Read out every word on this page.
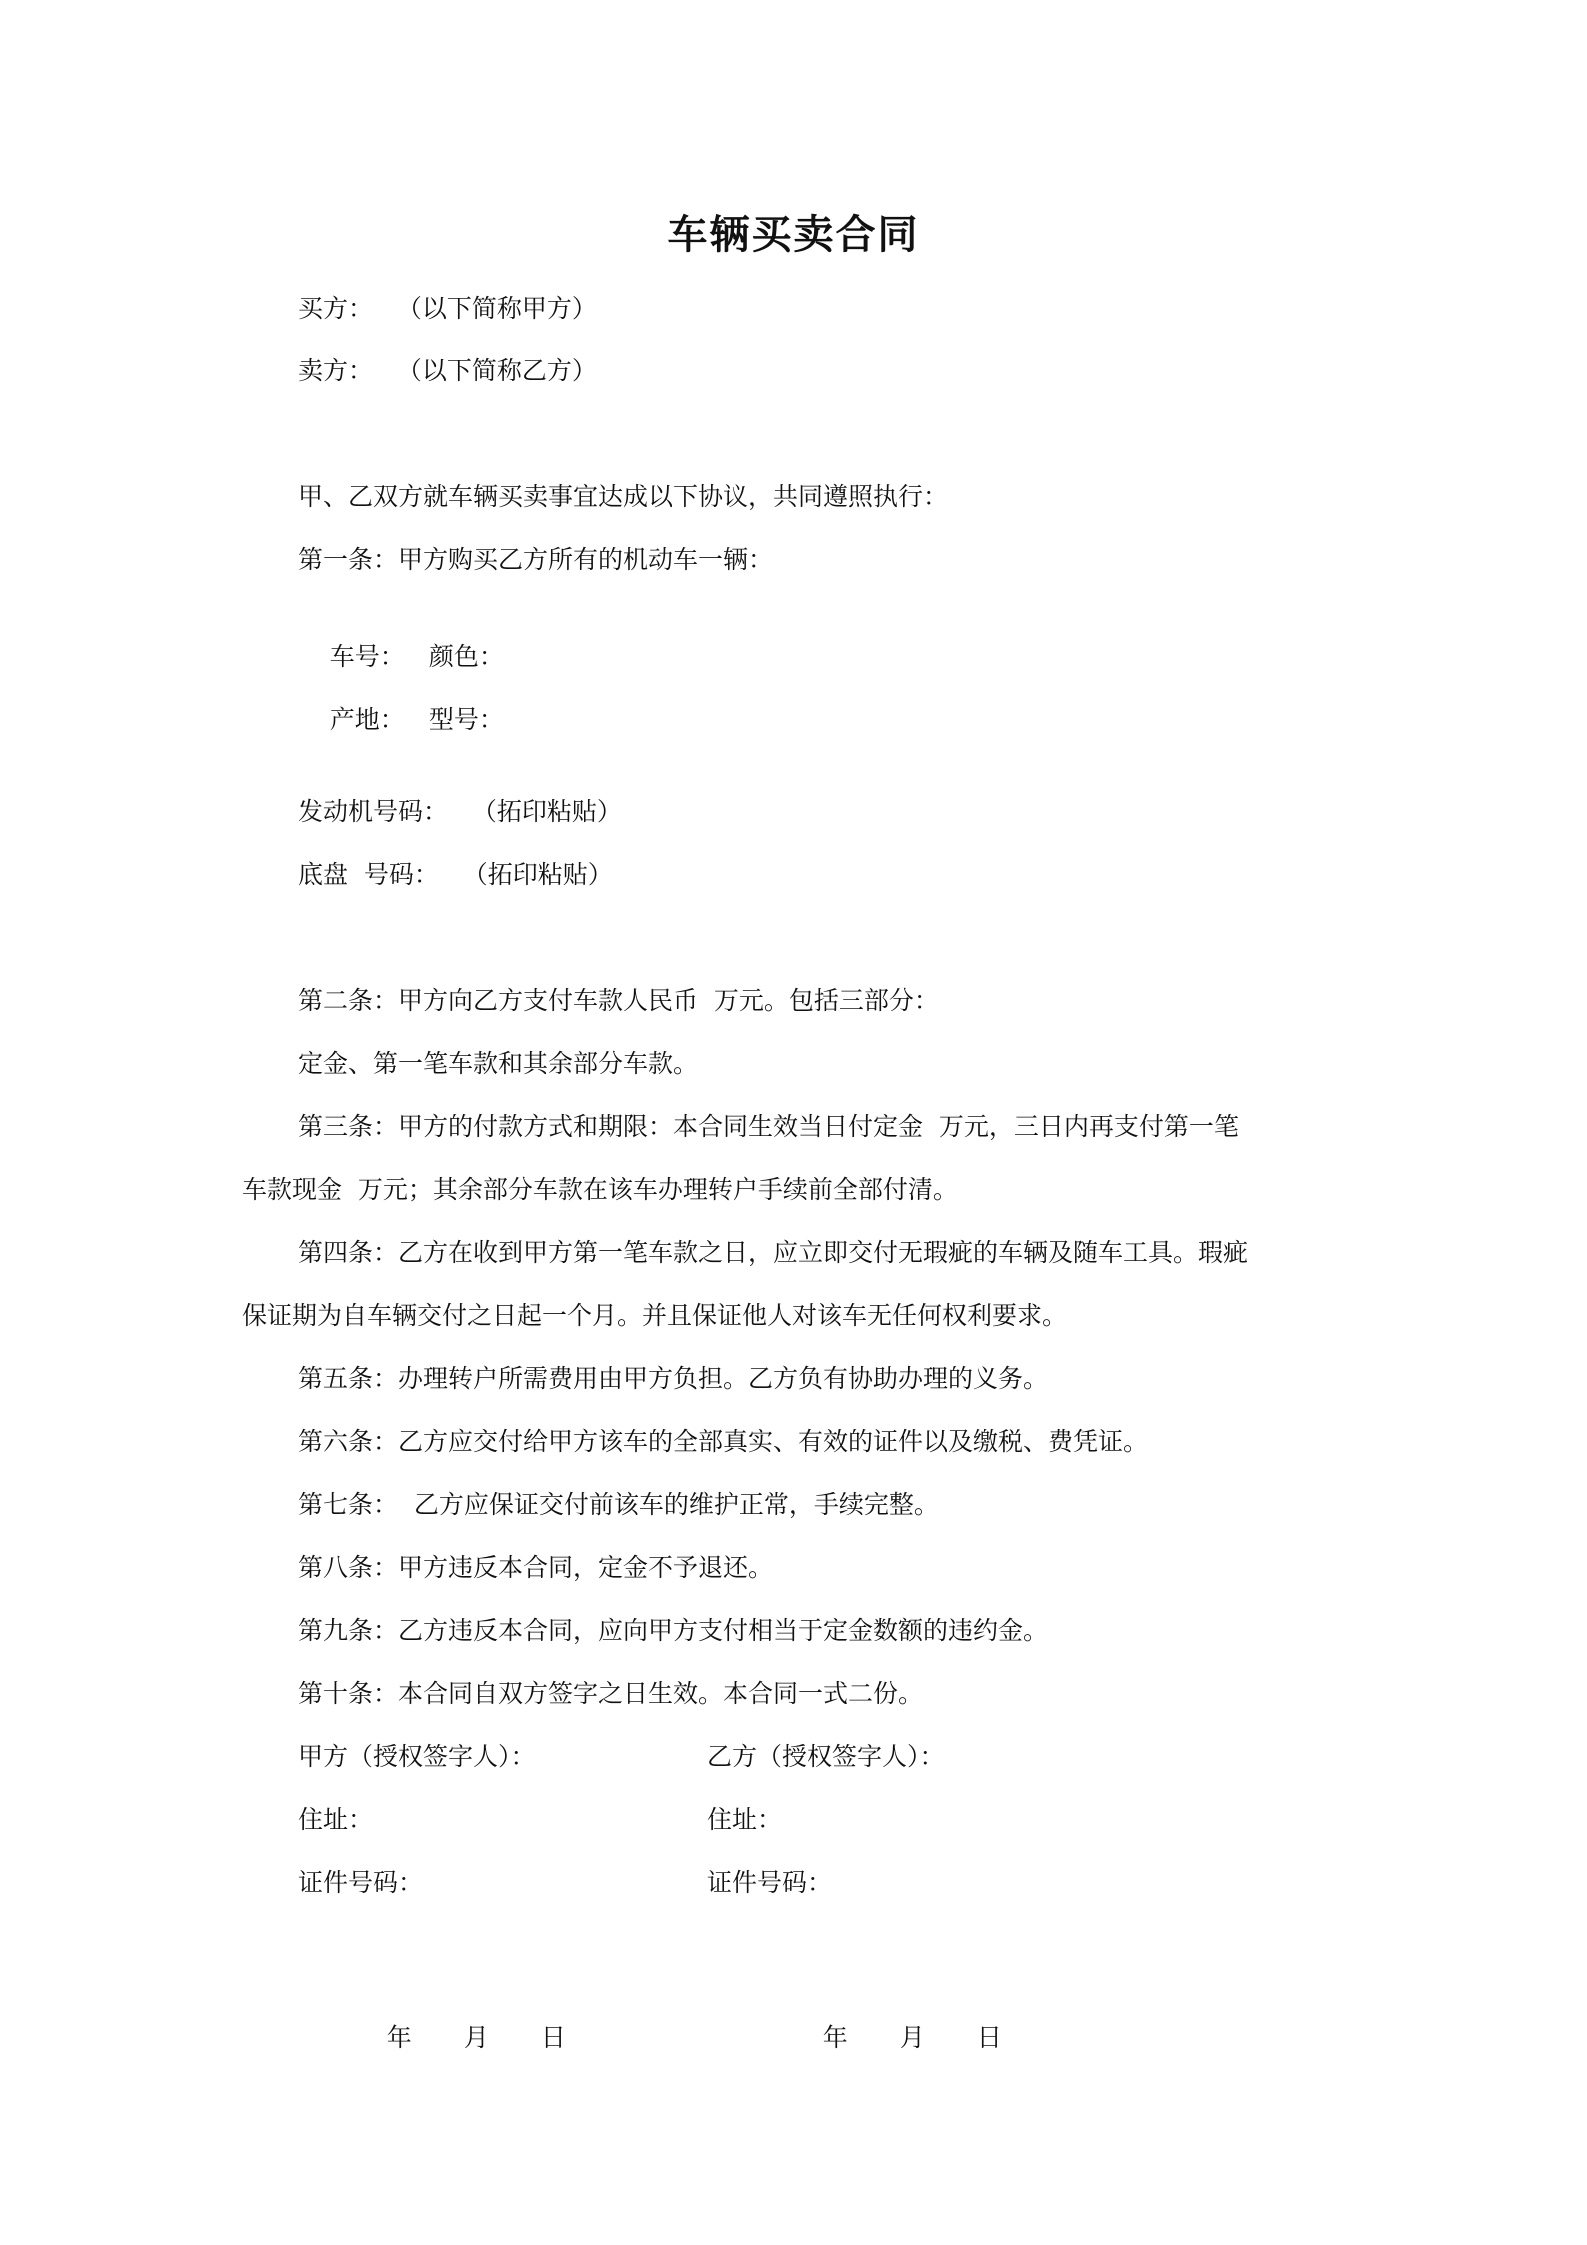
车辆买卖合同
买方：   （以下简称甲方）
卖方：   （以下简称乙方）
甲、乙双方就车辆买卖事宜达成以下协议，共同遵照执行：
第一条：甲方购买乙方所有的机动车一辆：

车号： 颜色：

产地： 型号：

发动机号码：   （拓印粘贴）
底盘  号码：   （拓印粘贴）
第二条：甲方向乙方支付车款人民币  万元。包括三部分：
定金、第一笔车款和其余部分车款。
第三条：甲方的付款方式和期限：本合同生效当日付定金  万元，三日内再支付第一笔
车款现金  万元；其余部分车款在该车办理转户手续前全部付清。
第四条：乙方在收到甲方第一笔车款之日，应立即交付无瑕疵的车辆及随车工具。瑕疵
保证期为自车辆交付之日起一个月。并且保证他人对该车无任何权利要求。
第五条：办理转户所需费用由甲方负担。乙方负有协助办理的义务。
第六条：乙方应交付给甲方该车的全部真实、有效的证件以及缴税、费凭证。
第七条：  乙方应保证交付前该车的维护正常，手续完整。
第八条：甲方违反本合同，定金不予退还。
第九条：乙方违反本合同，应向甲方支付相当于定金数额的违约金。
第十条：本合同自双方签字之日生效。本合同一式二份。
甲方（授权签字人）：	乙方（授权签字人）：
住址：	住址：
证件号码：	证件号码：

年 月 日
	年 月 日
